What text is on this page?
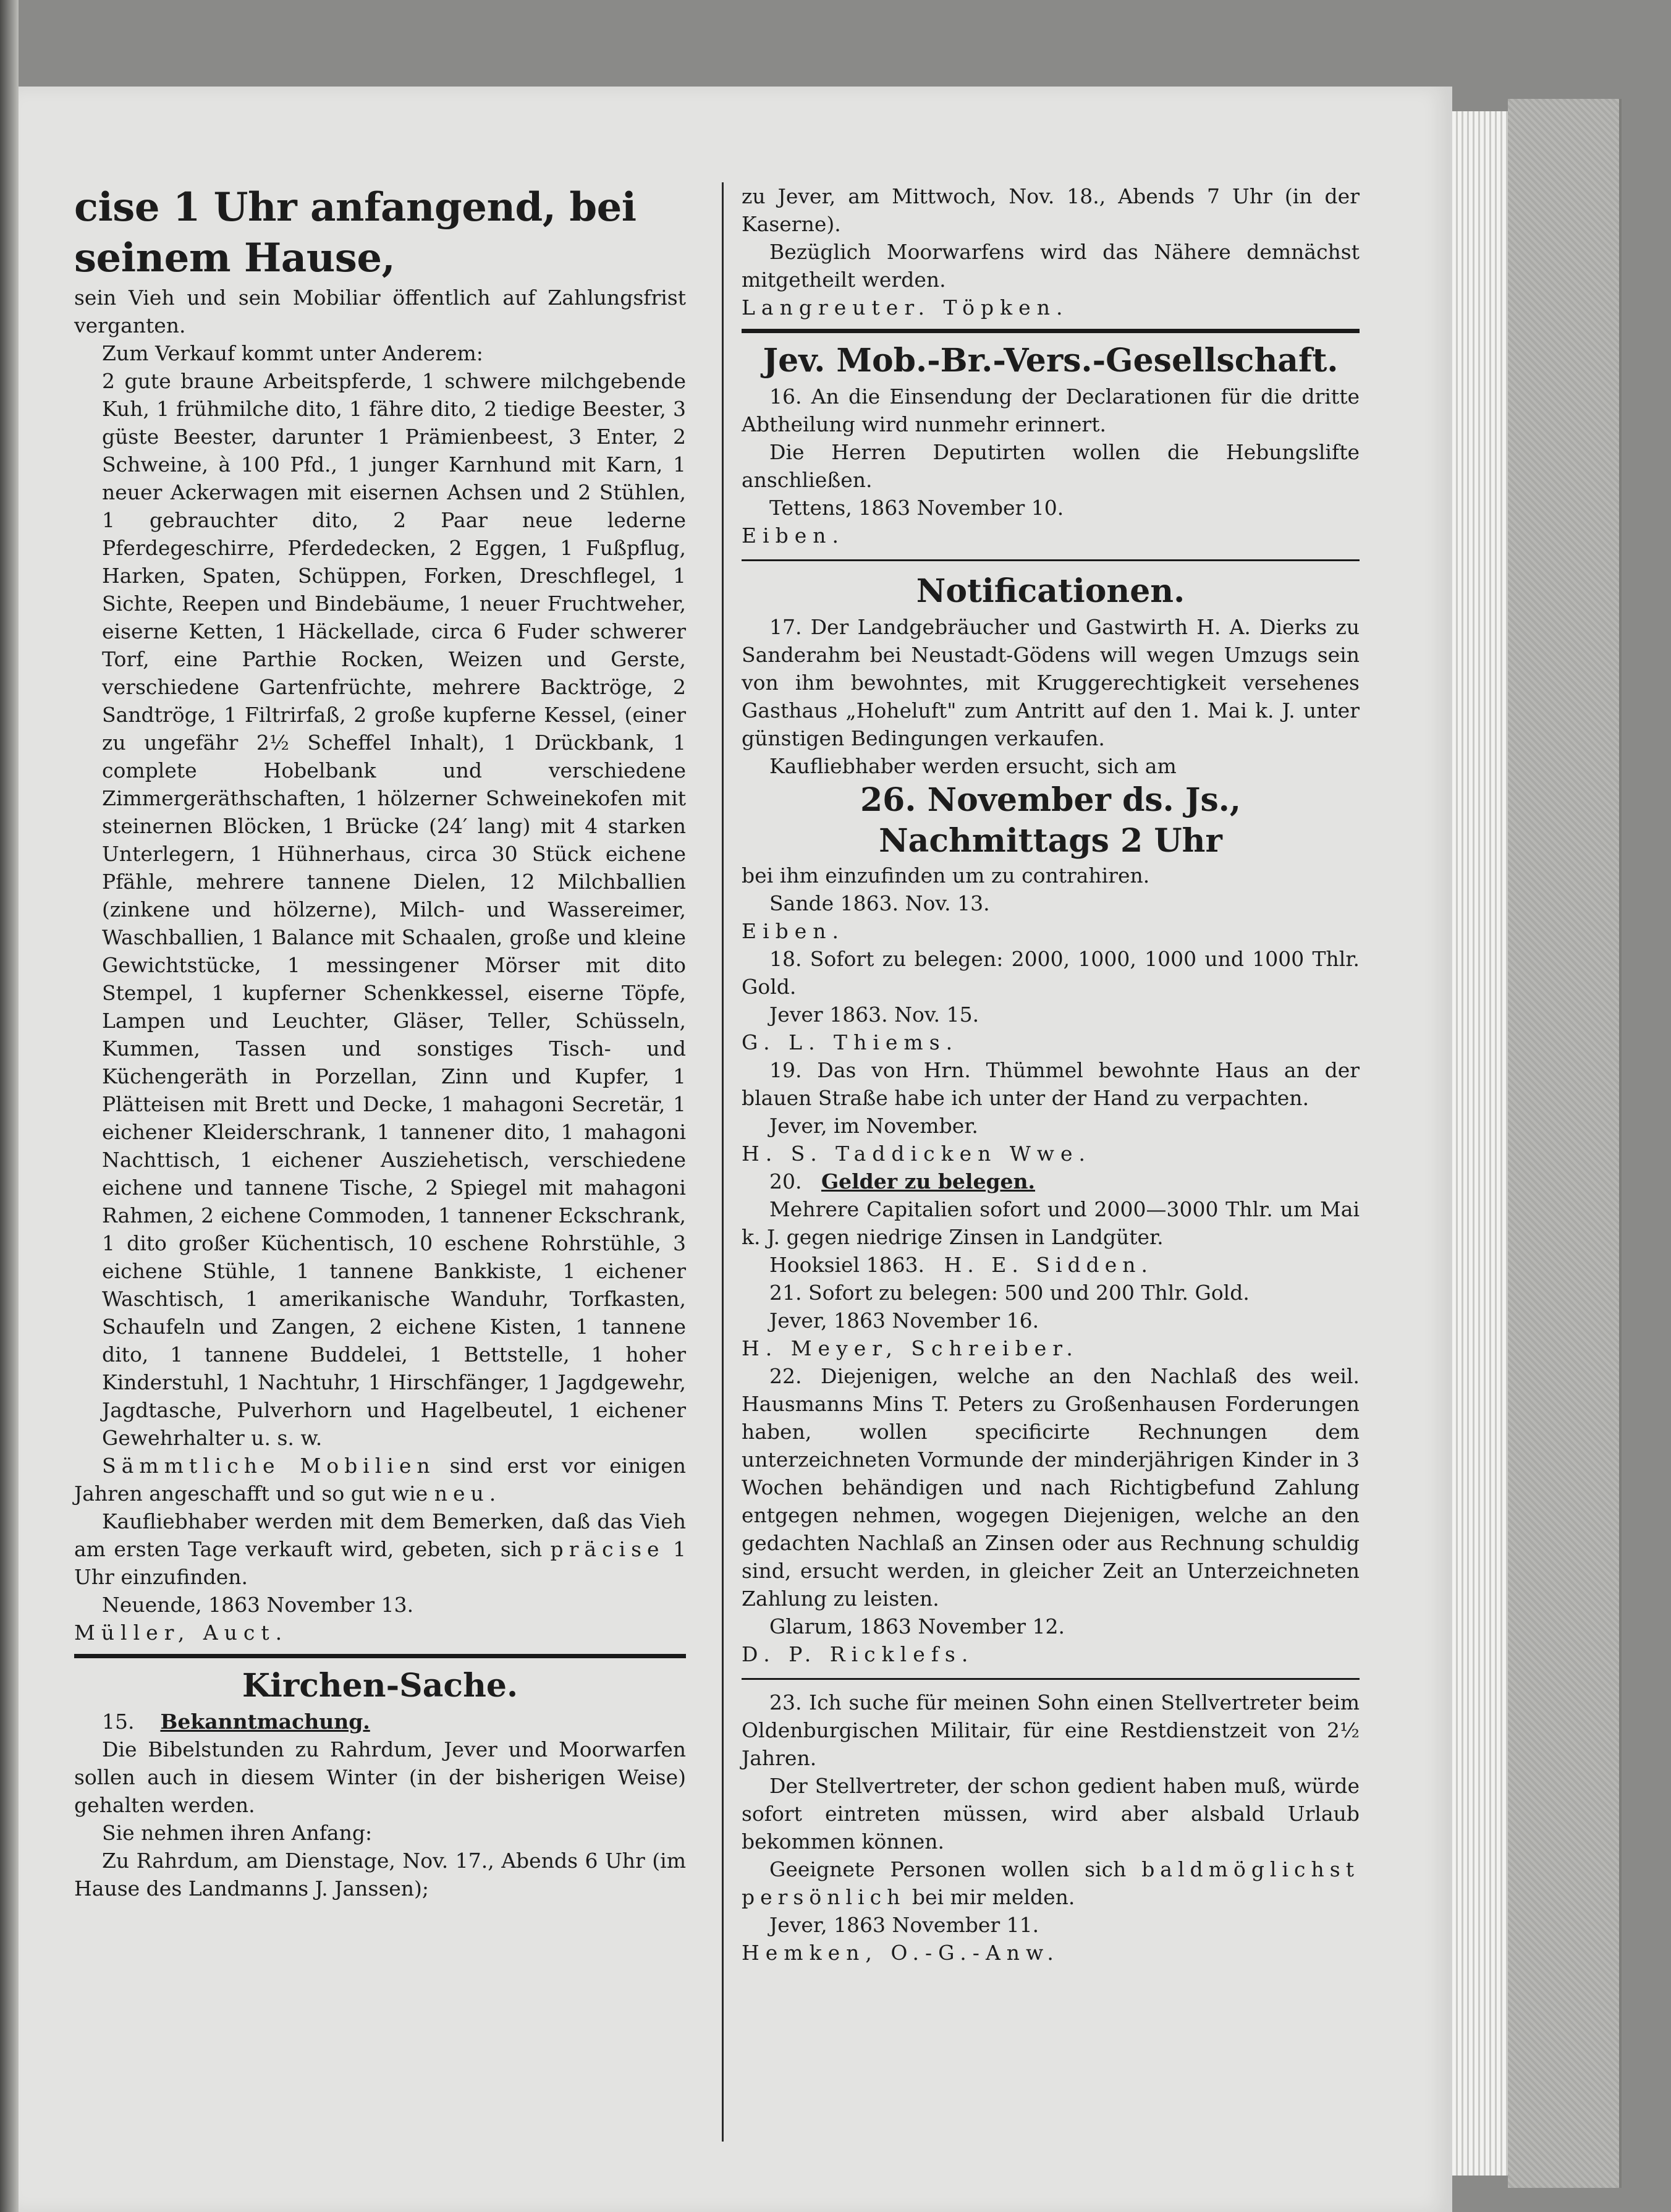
cise 1 Uhr anfangend, bei seinem Hause,

sein Vieh und sein Mobiliar öffentlich auf Zahlungsfrist verganten.

Zum Verkauf kommt unter Anderem:

2 gute braune Arbeitspferde, 1 schwere milchgebende Kuh, 1 frühmilche dito, 1 fähre dito, 2 tiedige Beester, 3 güste Beester, darunter 1 Prämienbeest, 3 Enter, 2 Schweine, à 100 Pfd., 1 junger Karnhund mit Karn, 1 neuer Ackerwagen mit eisernen Achsen und 2 Stühlen, 1 gebrauchter dito, 2 Paar neue lederne Pferdegeschirre, Pferdedecken, 2 Eggen, 1 Fußpflug, Harken, Spaten, Schüppen, Forken, Dreschflegel, 1 Sichte, Reepen und Bindebäume, 1 neuer Fruchtweher, eiserne Ketten, 1 Häckellade, circa 6 Fuder schwerer Torf, eine Parthie Rocken, Weizen und Gerste, verschiedene Gartenfrüchte, mehrere Backtröge, 2 Sandtröge, 1 Filtrirfaß, 2 große kupferne Kessel, (einer zu ungefähr 2½ Scheffel Inhalt), 1 Drückbank, 1 complete Hobelbank und verschiedene Zimmergeräthschaften, 1 hölzerner Schweinekofen mit steinernen Blöcken, 1 Brücke (24′ lang) mit 4 starken Unterlegern, 1 Hühnerhaus, circa 30 Stück eichene Pfähle, mehrere tannene Dielen, 12 Milchballien (zinkene und hölzerne), Milch- und Wassereimer, Waschballien, 1 Balance mit Schaalen, große und kleine Gewichtstücke, 1 messingener Mörser mit dito Stempel, 1 kupferner Schenkkessel, eiserne Töpfe, Lampen und Leuchter, Gläser, Teller, Schüsseln, Kummen, Tassen und sonstiges Tisch- und Küchengeräth in Porzellan, Zinn und Kupfer, 1 Plätteisen mit Brett und Decke, 1 mahagoni Secretär, 1 eichener Kleiderschrank, 1 tannener dito, 1 mahagoni Nachttisch, 1 eichener Ausziehetisch, verschiedene eichene und tannene Tische, 2 Spiegel mit mahagoni Rahmen, 2 eichene Commoden, 1 tannener Eckschrank, 1 dito großer Küchentisch, 10 eschene Rohrstühle, 3 eichene Stühle, 1 tannene Bankkiste, 1 eichener Waschtisch, 1 amerikanische Wanduhr, Torfkasten, Schaufeln und Zangen, 2 eichene Kisten, 1 tannene dito, 1 tannene Buddelei, 1 Bettstelle, 1 hoher Kinderstuhl, 1 Nachtuhr, 1 Hirschfänger, 1 Jagdgewehr, Jagdtasche, Pulverhorn und Hagelbeutel, 1 eichener Gewehrhalter u. s. w.

Sämmtliche Mobilien sind erst vor einigen Jahren angeschafft und so gut wie neu.

Kaufliebhaber werden mit dem Bemerken, daß das Vieh am ersten Tage verkauft wird, gebeten, sich präcise 1 Uhr einzufinden.

Neuende, 1863 November 13.

Müller, Auct.

Kirchen-Sache.

15. Bekanntmachung.

Die Bibelstunden zu Rahrdum, Jever und Moorwarfen sollen auch in diesem Winter (in der bisherigen Weise) gehalten werden.

Sie nehmen ihren Anfang:

Zu Rahrdum, am Dienstage, Nov. 17., Abends 6 Uhr (im Hause des Landmanns J. Janssen);

zu Jever, am Mittwoch, Nov. 18., Abends 7 Uhr (in der Kaserne).

Bezüglich Moorwarfens wird das Nähere demnächst mitgetheilt werden.

Langreuter. Töpken.

Jev. Mob.-Br.-Vers.-Gesellschaft.

16. An die Einsendung der Declarationen für die dritte Abtheilung wird nunmehr erinnert.

Die Herren Deputirten wollen die Hebungslifte anschließen.

Tettens, 1863 November 10.

Eiben.

Notificationen.

17. Der Landgebräucher und Gastwirth H. A. Dierks zu Sanderahm bei Neustadt-Gödens will wegen Umzugs sein von ihm bewohntes, mit Kruggerechtigkeit versehenes Gasthaus „Hoheluft" zum Antritt auf den 1. Mai k. J. unter günstigen Bedingungen verkaufen.

Kaufliebhaber werden ersucht, sich am

26. November ds. Js.,

Nachmittags 2 Uhr

bei ihm einzufinden um zu contrahiren.

Sande 1863. Nov. 13.

Eiben.

18. Sofort zu belegen: 2000, 1000, 1000 und 1000 Thlr. Gold.

Jever 1863. Nov. 15.

G. L. Thiems.

19. Das von Hrn. Thümmel bewohnte Haus an der blauen Straße habe ich unter der Hand zu verpachten.

Jever, im November.

H. S. Taddicken Wwe.

20. Gelder zu belegen.

Mehrere Capitalien sofort und 2000—3000 Thlr. um Mai k. J. gegen niedrige Zinsen in Landgüter.

Hooksiel 1863. H. E. Sidden.

21. Sofort zu belegen: 500 und 200 Thlr. Gold.

Jever, 1863 November 16.

H. Meyer, Schreiber.

22. Diejenigen, welche an den Nachlaß des weil. Hausmanns Mins T. Peters zu Großenhausen Forderungen haben, wollen specificirte Rechnungen dem unterzeichneten Vormunde der minderjährigen Kinder in 3 Wochen behändigen und nach Richtigbefund Zahlung entgegen nehmen, wogegen Diejenigen, welche an den gedachten Nachlaß an Zinsen oder aus Rechnung schuldig sind, ersucht werden, in gleicher Zeit an Unterzeichneten Zahlung zu leisten.

Glarum, 1863 November 12.

D. P. Ricklefs.

23. Ich suche für meinen Sohn einen Stellvertreter beim Oldenburgischen Militair, für eine Restdienstzeit von 2½ Jahren.

Der Stellvertreter, der schon gedient haben muß, würde sofort eintreten müssen, wird aber alsbald Urlaub bekommen können.

Geeignete Personen wollen sich baldmöglichst persönlich bei mir melden.

Jever, 1863 November 11.

Hemken, O.-G.-Anw.
